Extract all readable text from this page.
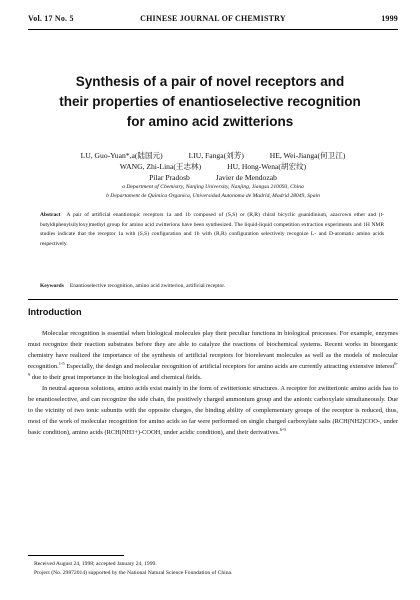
Vol. 17 No. 5	CHINESE JOURNAL OF CHEMISTRY	1999
Synthesis of a pair of novel receptors and
their properties of enantioselective recognition
for amino acid zwitterions
LU, Guo-Yuan*,a(陆国元)	LIU, Fanga(刘芳)	HE, Wei-Jianga(何卫江)
WANG, Zhi-Lina(王志林)	HU, Hong-Wena(胡宏纹)
Pilar Pradosb	Javier de Mendozab
a Department of Chemistry, Nanjing University, Nanjing, Jiangsu 210093, China
b Departament de Quimica Organica, Universidad Autonoma de Madrid, Madrid 28049, Spain
Abstract A pair of artificial enantiotopic receptors 1a and 1b composed of (S,S) or (R,R) chiral bicyclic guanidinium, azacrown ether and (t-butyldiphenylsilyloxy)methyl group for amino acid zwitterions have been synthesized. The liquid-liquid competition extraction experiments and 1H NMR studies indicate that the receptor 1a with (S,S) configuration and 1b with (R,R) configuration selectively recognize L- and D-aromatic amino acids respectively.
Keywords Enantioselective recognition, amino acid zwitterion, artificial receptor.
Introduction

Molecular recognition is essential when biological molecules play their peculiar functions in biological processes. For example, enzymes must recognize their reaction substrates before they are able to catalyze the reactions of biochemical systems. Recent works in bioorganic chemistry have realized the importance of the synthesis of artificial receptors for biorelevant molecules as well as the models of molecular recognition.$^{1-5}$ Especially, the design and molecular recognition of artificial receptors for amino acids are currently attracting extensive interest$^{6-9}$ due to their great importance in the biological and chemical fields.

In neutral aqueous solutions, amino acids exist mainly in the form of zwitterionic structures. A receptor for zwitterionic amino acids has to be enantioselective, and can recognize the side chain, the positively charged ammonium group and the anionic carboxylate simultaneously. Due to the vicinity of two ionic subunits with the opposite charges, the binding ability of complementary groups of the receptor is reduced, thus, most of the work of molecular recognition for amino acids so far were performed on single charged carboxylate salts (RCH(NH2)COO-, under basic condition), amino acids (RCH(NH3+)-COOH, under acidic condition), and their derivatives.$^{6-9}$

Received August 24, 1998; accepted January 24, 1999.
Project (No. 29872014) supported by the National Natural Science Foundation of China.
